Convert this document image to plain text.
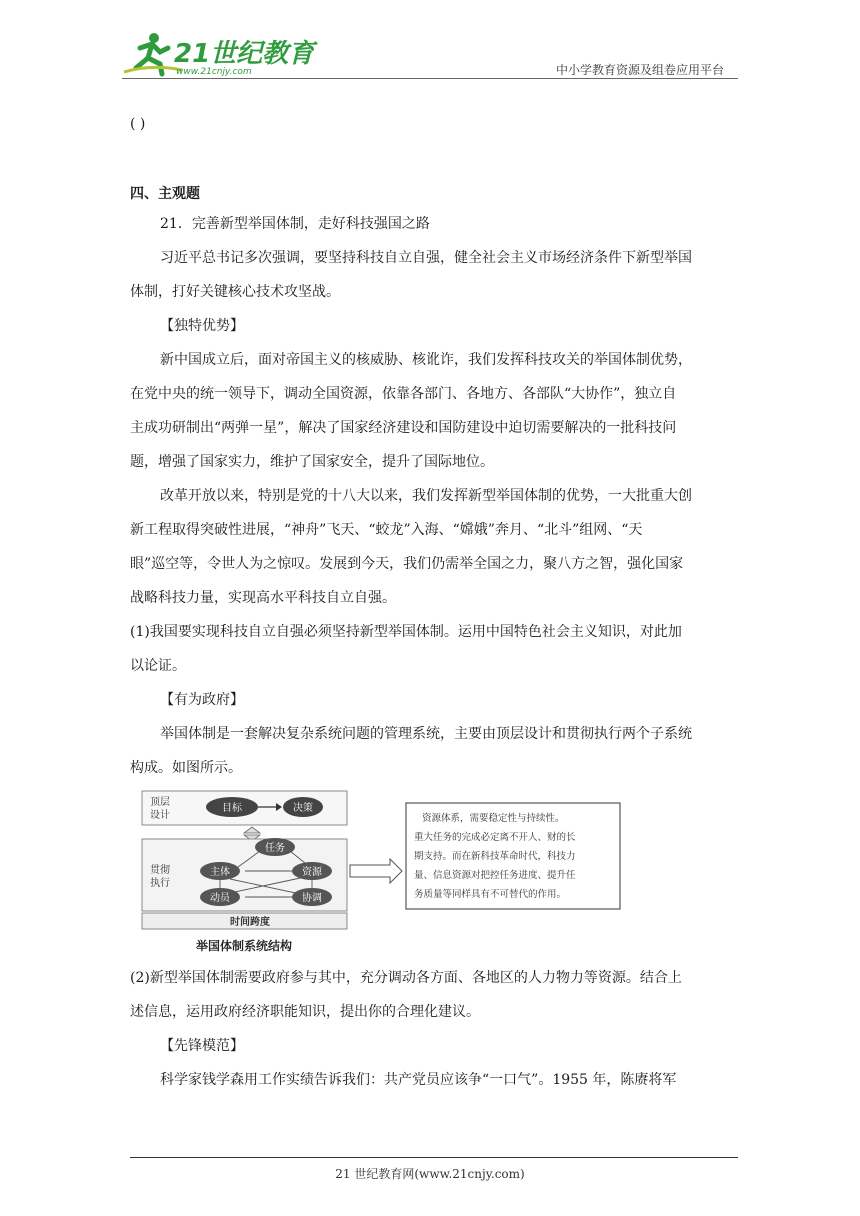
21世纪教育
www.21cnjy.com	中小学教育资源及组卷应用平台
( )
四、主观题
21．完善新型举国体制，走好科技强国之路
习近平总书记多次强调，要坚持科技自立自强，健全社会主义市场经济条件下新型举国
体制，打好关键核心技术攻坚战。
【独特优势】
新中国成立后，面对帝国主义的核威胁、核讹诈，我们发挥科技攻关的举国体制优势，
在党中央的统一领导下，调动全国资源，依靠各部门、各地方、各部队“大协作”，独立自
主成功研制出“两弹一星”，解决了国家经济建设和国防建设中迫切需要解决的一批科技问
题，增强了国家实力，维护了国家安全，提升了国际地位。
改革开放以来，特别是党的十八大以来，我们发挥新型举国体制的优势，一大批重大创
新工程取得突破性进展，“神舟”飞天、“蛟龙”入海、“嫦娥”奔月、“北斗”组网、“天
眼”巡空等，令世人为之惊叹。发展到今天，我们仍需举全国之力，聚八方之智，强化国家
战略科技力量，实现高水平科技自立自强。
(1)我国要实现科技自立自强必须坚持新型举国体制。运用中国特色社会主义知识，对此加
以论证。
【有为政府】
举国体制是一套解决复杂系统问题的管理系统，主要由顶层设计和贯彻执行两个子系统
构成。如图所示。
顶层
设计
目标	决策
贯彻
执行
任务
主体	资源
动员	协调
时间跨度
资源体系，需要稳定性与持续性。
重大任务的完成必定离不开人、财的长
期支持。而在新科技革命时代，科技力
量、信息资源对把控任务进度、提升任
务质量等同样具有不可替代的作用。
举国体制系统结构
(2)新型举国体制需要政府参与其中，充分调动各方面、各地区的人力物力等资源。结合上
述信息，运用政府经济职能知识，提出你的合理化建议。
【先锋模范】
科学家钱学森用工作实绩告诉我们：共产党员应该争“一口气”。1955 年，陈赓将军
21 世纪教育网(www.21cnjy.com)
